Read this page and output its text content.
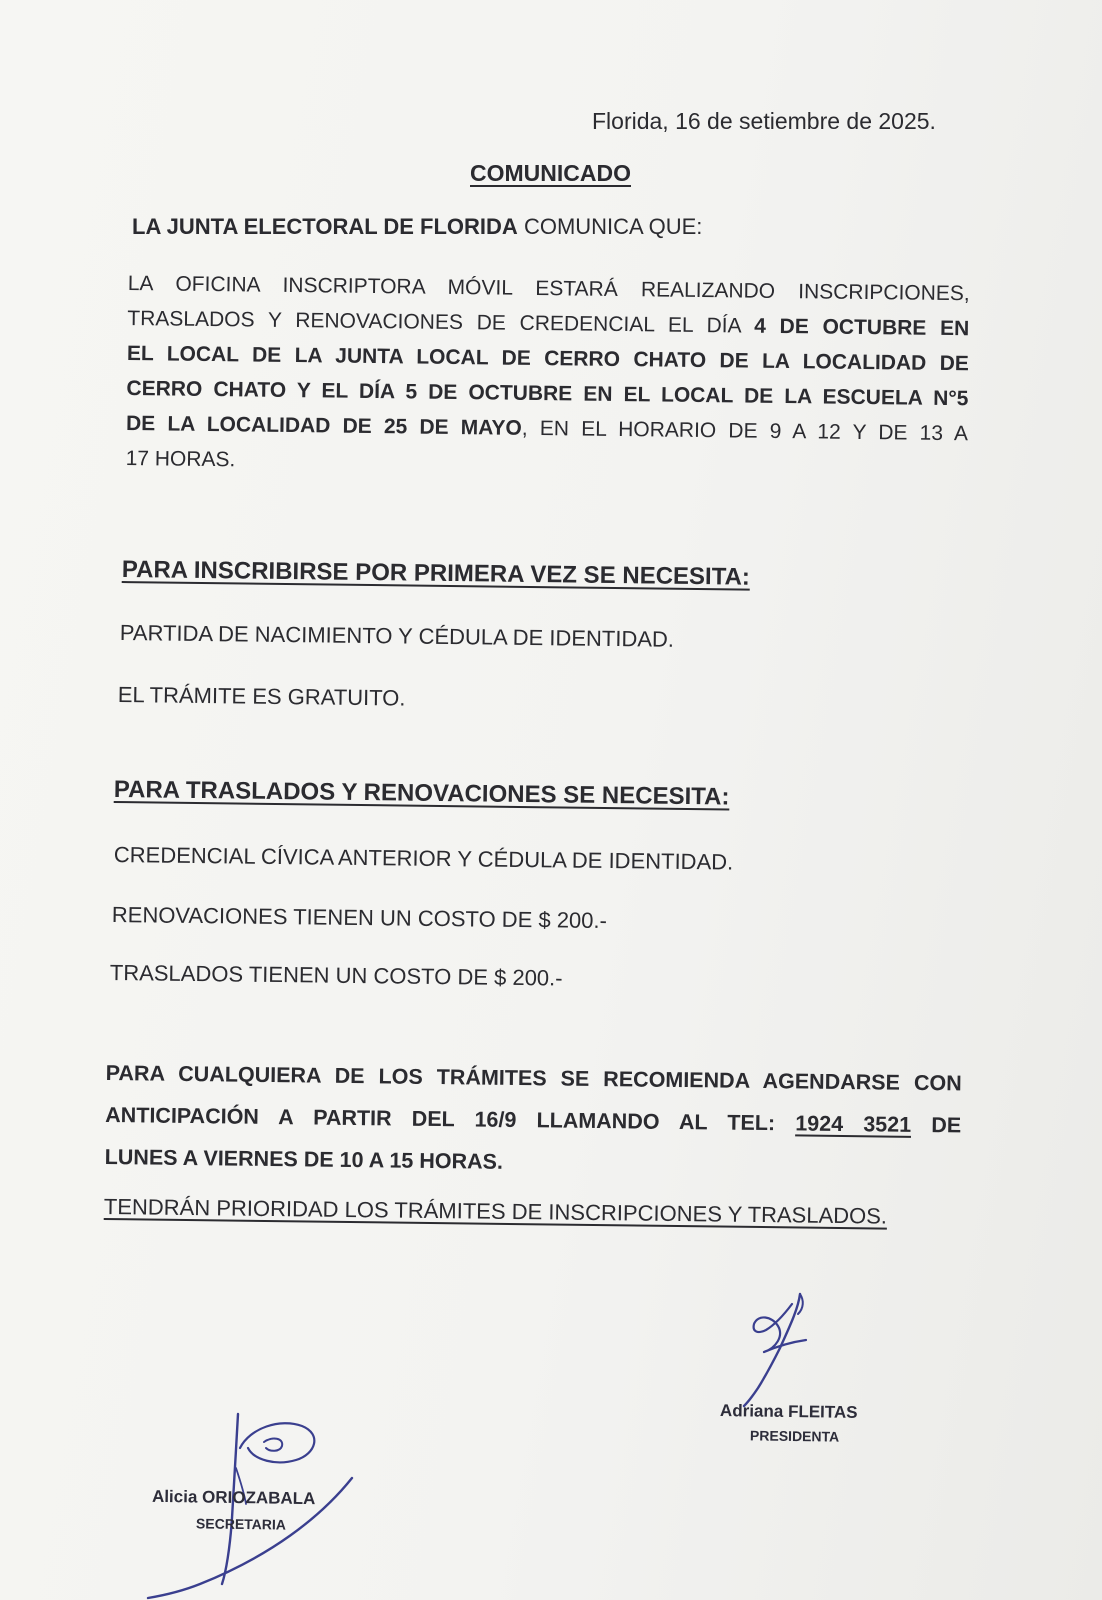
Florida, 16 de setiembre de 2025.
COMUNICADO
LA JUNTA ELECTORAL DE FLORIDA COMUNICA QUE:
LA OFICINA INSCRIPTORA MÓVIL ESTARÁ REALIZANDO INSCRIPCIONES,
TRASLADOS Y RENOVACIONES DE CREDENCIAL EL DÍA 4 DE OCTUBRE EN
EL LOCAL DE LA JUNTA LOCAL DE CERRO CHATO DE LA LOCALIDAD DE
CERRO CHATO Y EL DÍA 5 DE OCTUBRE EN EL LOCAL DE LA ESCUELA N°5
DE LA LOCALIDAD DE 25 DE MAYO, EN EL HORARIO DE 9 A 12 Y DE 13 A
17 HORAS.
PARA INSCRIBIRSE POR PRIMERA VEZ SE NECESITA:
PARTIDA DE NACIMIENTO Y CÉDULA DE IDENTIDAD.
EL TRÁMITE ES GRATUITO.
PARA TRASLADOS Y RENOVACIONES SE NECESITA:
CREDENCIAL CÍVICA ANTERIOR Y CÉDULA DE IDENTIDAD.
RENOVACIONES TIENEN UN COSTO DE $ 200.-
TRASLADOS TIENEN UN COSTO DE $ 200.-
PARA CUALQUIERA DE LOS TRÁMITES SE RECOMIENDA AGENDARSE CON
ANTICIPACIÓN A PARTIR DEL 16/9 LLAMANDO AL TEL: 1924 3521 DE
LUNES A VIERNES DE 10 A 15 HORAS.
TENDRÁN PRIORIDAD LOS TRÁMITES DE INSCRIPCIONES Y TRASLADOS.
Adriana FLEITAS
PRESIDENTA
Alicia ORIOZABALA
SECRETARIA
